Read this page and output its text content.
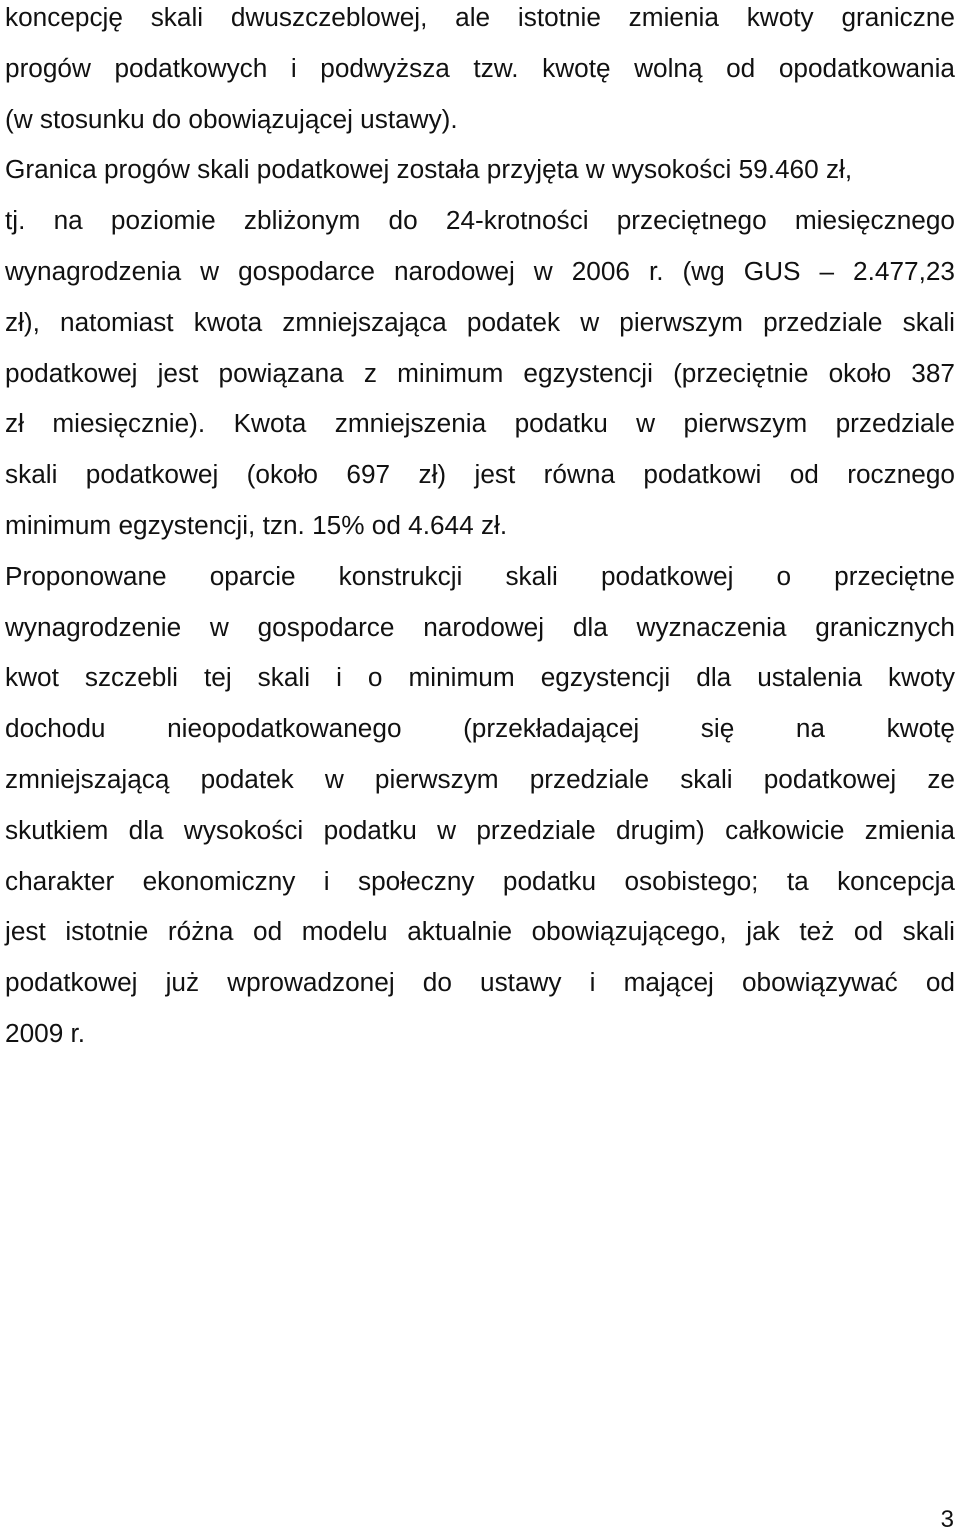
koncepcję skali dwuszczeblowej, ale istotnie zmienia kwoty graniczne
progów podatkowych i podwyższa tzw. kwotę wolną od opodatkowania
(w stosunku do obowiązującej ustawy).
Granica progów skali podatkowej została przyjęta w wysokości 59.460 zł,
tj. na poziomie zbliżonym do 24-krotności przeciętnego miesięcznego
wynagrodzenia w gospodarce narodowej w 2006 r. (wg GUS – 2.477,23
zł), natomiast kwota zmniejszająca podatek w pierwszym przedziale skali
podatkowej jest powiązana z minimum egzystencji (przeciętnie około 387
zł miesięcznie). Kwota zmniejszenia podatku w pierwszym przedziale
skali podatkowej (około 697 zł) jest równa podatkowi od rocznego
minimum egzystencji, tzn. 15% od 4.644 zł.
Proponowane oparcie konstrukcji skali podatkowej o przeciętne
wynagrodzenie w gospodarce narodowej dla wyznaczenia granicznych
kwot szczebli tej skali i o minimum egzystencji dla ustalenia kwoty
dochodu nieopodatkowanego (przekładającej się na kwotę
zmniejszającą podatek w pierwszym przedziale skali podatkowej ze
skutkiem dla wysokości podatku w przedziale drugim) całkowicie zmienia
charakter ekonomiczny i społeczny podatku osobistego; ta koncepcja
jest istotnie różna od modelu aktualnie obowiązującego, jak też od skali
podatkowej już wprowadzonej do ustawy i mającej obowiązywać od
2009 r.
3
